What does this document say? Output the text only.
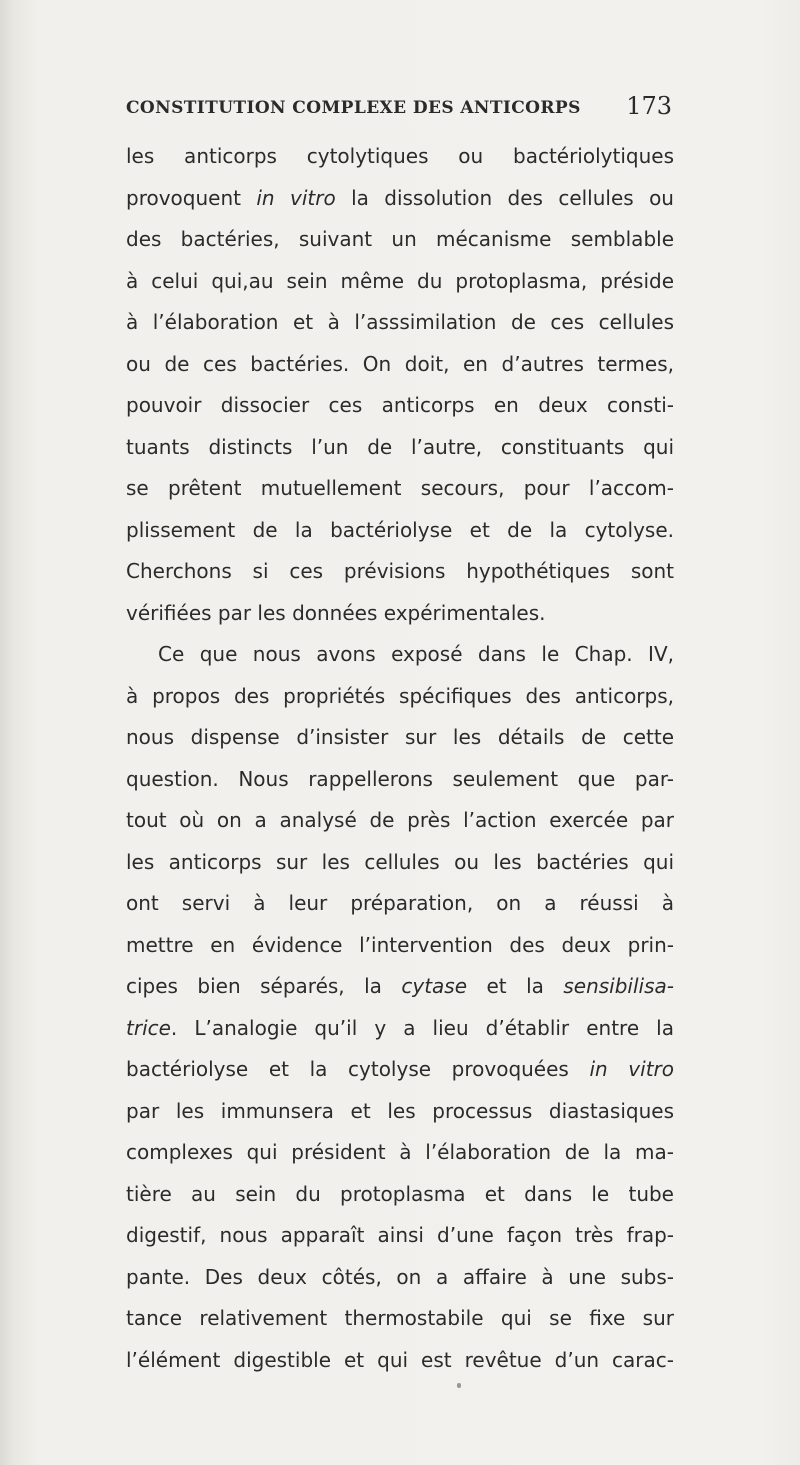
CONSTITUTION COMPLEXE DES ANTICORPS 173
les anticorps cytolytiques ou bactériolytiques
provoquent in vitro la dissolution des cellules ou
des bactéries, suivant un mécanisme semblable
à celui qui,au sein même du protoplasma, préside
à l’élaboration et à l’asssimilation de ces cellules
ou de ces bactéries. On doit, en d’autres termes,
pouvoir dissocier ces anticorps en deux consti-
tuants distincts l’un de l’autre, constituants qui
se prêtent mutuellement secours, pour l’accom-
plissement de la bactériolyse et de la cytolyse.
Cherchons si ces prévisions hypothétiques sont
vérifiées par les données expérimentales.
Ce que nous avons exposé dans le Chap. IV,
à propos des propriétés spécifiques des anticorps,
nous dispense d’insister sur les détails de cette
question. Nous rappellerons seulement que par-
tout où on a analysé de près l’action exercée par
les anticorps sur les cellules ou les bactéries qui
ont servi à leur préparation, on a réussi à
mettre en évidence l’intervention des deux prin-
cipes bien séparés, la cytase et la sensibilisa-
trice. L’analogie qu’il y a lieu d’établir entre la
bactériolyse et la cytolyse provoquées in vitro
par les immunsera et les processus diastasiques
complexes qui président à l’élaboration de la ma-
tière au sein du protoplasma et dans le tube
digestif, nous apparaît ainsi d’une façon très frap-
pante. Des deux côtés, on a affaire à une subs-
tance relativement thermostabile qui se fixe sur
l’élément digestible et qui est revêtue d’un carac-
